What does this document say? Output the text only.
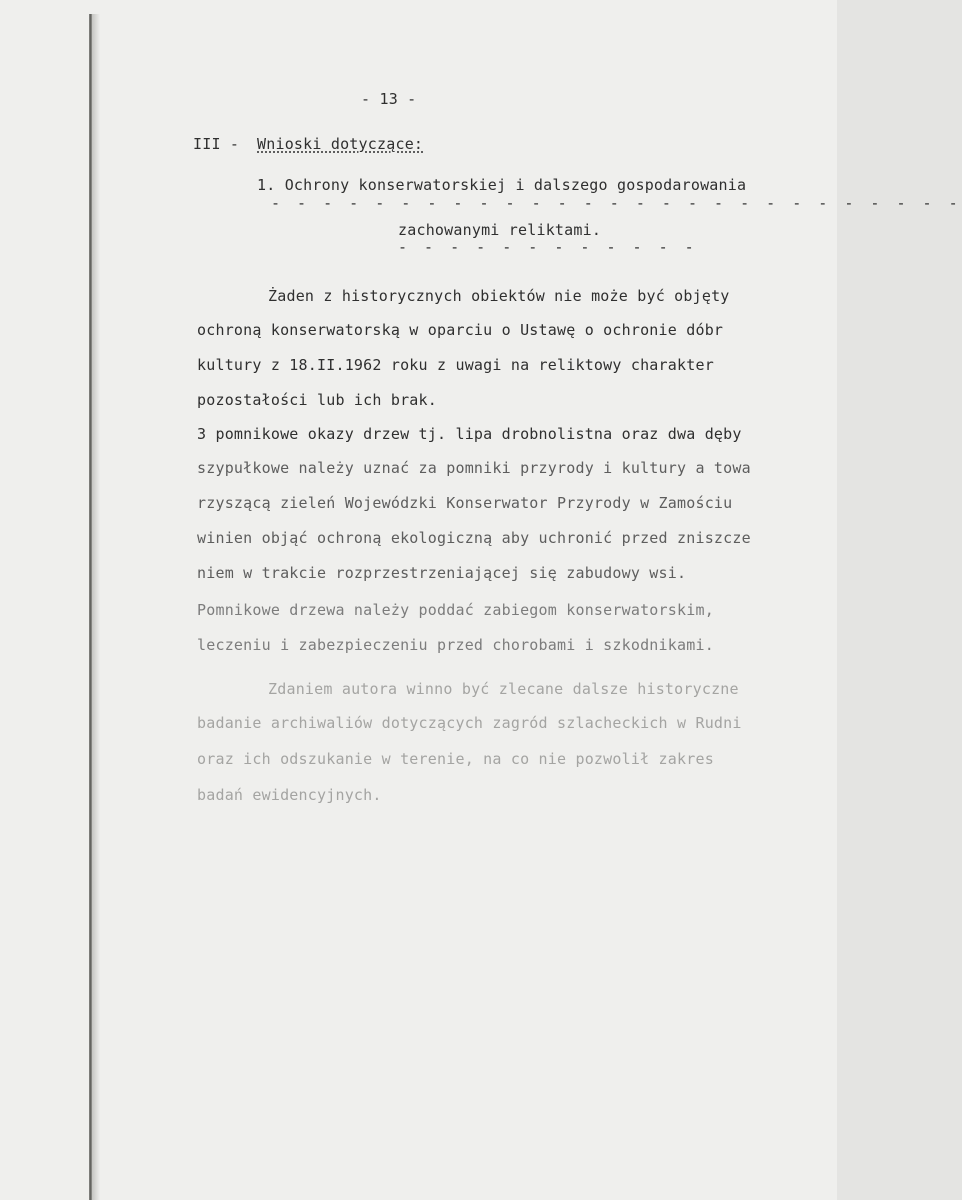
- 13 -
III - Wnioski dotyczące:
1. Ochrony konserwatorskiej i dalszego gospodarowania
- - - - - - - - - - - - - - - - - - - - - - - - - - -
zachowanymi reliktami.
- - - - - - - - - - - -
Żaden z historycznych obiektów nie może być objęty
ochroną konserwatorską w oparciu o Ustawę o ochronie dóbr
kultury z 18.II.1962 roku z uwagi na reliktowy charakter
pozostałości lub ich brak.
3 pomnikowe okazy drzew tj. lipa drobnolistna oraz dwa dęby
szypułkowe należy uznać za pomniki przyrody i kultury a towa
rzyszącą zieleń Wojewódzki Konserwator Przyrody w Zamościu
winien objąć ochroną ekologiczną aby uchronić przed zniszcze
niem w trakcie rozprzestrzeniającej się zabudowy wsi.
Pomnikowe drzewa należy poddać zabiegom konserwatorskim,
leczeniu i zabezpieczeniu przed chorobami i szkodnikami.
Zdaniem autora winno być zlecane dalsze historyczne
badanie archiwaliów dotyczących zagród szlacheckich w Rudni
oraz ich odszukanie w terenie, na co nie pozwolił zakres
badań ewidencyjnych.
